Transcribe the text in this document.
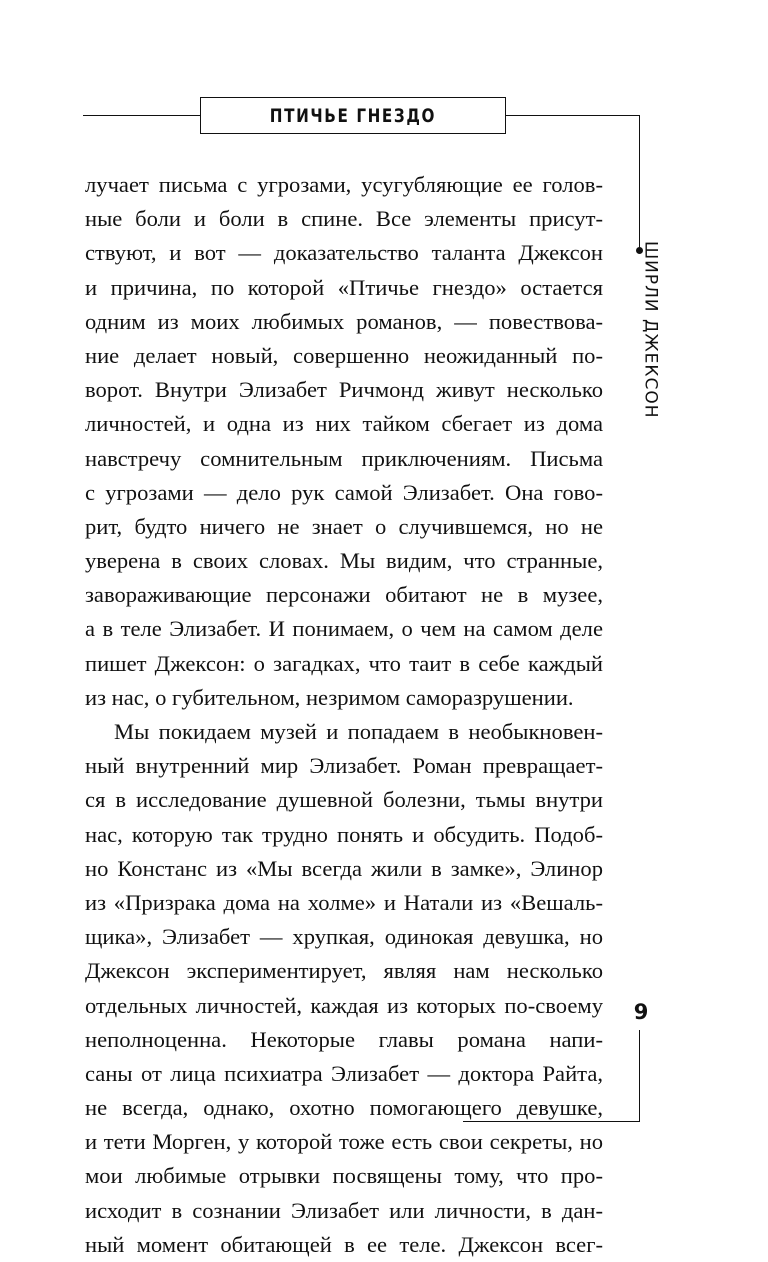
ПТИЧЬЕ ГНЕЗДО
ШИРЛИ ДЖЕКСОН
9
лучает письма с угрозами, усугубляющие ее голов-
ные боли и боли в спине. Все элементы присут-
ствуют, и вот — доказательство таланта Джексон
и причина, по которой «Птичье гнездо» остается
одним из моих любимых романов, — повествова-
ние делает новый, совершенно неожиданный по-
ворот. Внутри Элизабет Ричмонд живут несколько
личностей, и одна из них тайком сбегает из дома
навстречу сомнительным приключениям. Письма
с угрозами — дело рук самой Элизабет. Она гово-
рит, будто ничего не знает о случившемся, но не
уверена в своих словах. Мы видим, что странные,
завораживающие персонажи обитают не в музее,
а в теле Элизабет. И понимаем, о чем на самом деле
пишет Джексон: о загадках, что таит в себе каждый
из нас, о губительном, незримом саморазрушении.
Мы покидаем музей и попадаем в необыкновен-
ный внутренний мир Элизабет. Роман превращает-
ся в исследование душевной болезни, тьмы внутри
нас, которую так трудно понять и обсудить. Подоб-
но Констанс из «Мы всегда жили в замке», Элинор
из «Призрака дома на холме» и Натали из «Вешаль-
щика», Элизабет — хрупкая, одинокая девушка, но
Джексон экспериментирует, являя нам несколько
отдельных личностей, каждая из которых по-своему
неполноценна. Некоторые главы романа напи-
саны от лица психиатра Элизабет — доктора Райта,
не всегда, однако, охотно помогающего девушке,
и тети Морген, у которой тоже есть свои секреты, но
мои любимые отрывки посвящены тому, что про-
исходит в сознании Элизабет или личности, в дан-
ный момент обитающей в ее теле. Джексон всег-
